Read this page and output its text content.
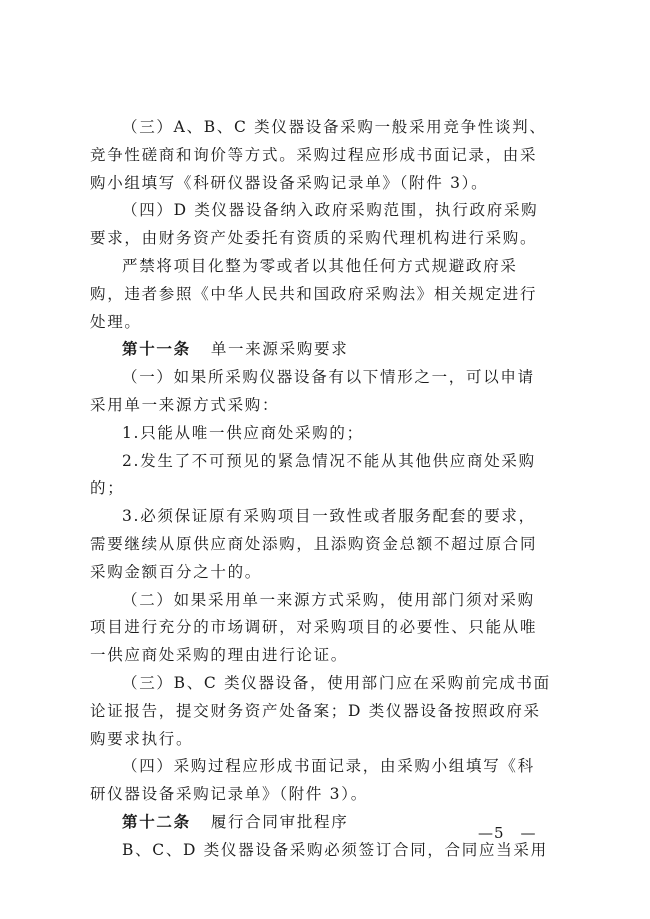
（三）A、B、C 类仪器设备采购一般采用竞争性谈判、
竞争性磋商和询价等方式。采购过程应形成书面记录，由采
购小组填写《科研仪器设备采购记录单》（附件 3）。
（四）D 类仪器设备纳入政府采购范围，执行政府采购
要求，由财务资产处委托有资质的采购代理机构进行采购。
严禁将项目化整为零或者以其他任何方式规避政府采
购，违者参照《中华人民共和国政府采购法》相关规定进行
处理。
第十一条 单一来源采购要求
（一）如果所采购仪器设备有以下情形之一，可以申请
采用单一来源方式采购：
1.只能从唯一供应商处采购的；
2.发生了不可预见的紧急情况不能从其他供应商处采购
的；
3.必须保证原有采购项目一致性或者服务配套的要求，
需要继续从原供应商处添购，且添购资金总额不超过原合同
采购金额百分之十的。
（二）如果采用单一来源方式采购，使用部门须对采购
项目进行充分的市场调研，对采购项目的必要性、只能从唯
一供应商处采购的理由进行论证。
（三）B、C 类仪器设备，使用部门应在采购前完成书面
论证报告，提交财务资产处备案；D 类仪器设备按照政府采
购要求执行。
（四）采购过程应形成书面记录，由采购小组填写《科
研仪器设备采购记录单》（附件 3）。
—5　—
第十二条 履行合同审批程序
B、C、D 类仪器设备采购必须签订合同，合同应当采用
